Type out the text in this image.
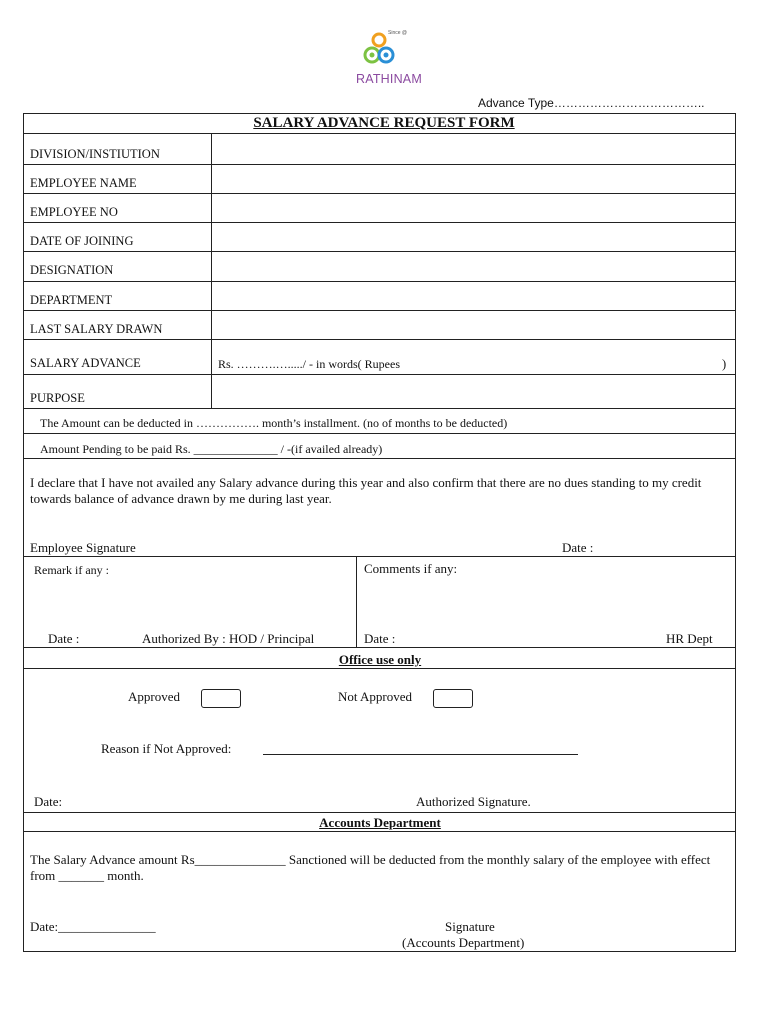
Since @
RATHINAM
Advance Type………………………………..
SALARY ADVANCE REQUEST FORM
DIVISION/INSTIUTION
EMPLOYEE NAME
EMPLOYEE NO
DATE OF JOINING
DESIGNATION
DEPARTMENT
LAST SALARY DRAWN
SALARY ADVANCE	Rs. ……….…...../ - in words( Rupees	)
PURPOSE
The Amount can be deducted in ……………. month’s installment. (no of months to be deducted)
Amount Pending to be paid Rs. ______________ / -(if availed already)
I declare that I have not availed any Salary advance during this year and also confirm that there are no dues standing to my credit towards balance of advance drawn by me during last year.
Employee Signature	Date :
Remark if any :	Comments if any:
Date :	Authorized By : HOD / Principal	Date :	HR Dept
Office use only
Approved	Not Approved
Reason if Not Approved:
Date:	Authorized Signature.
Accounts Department
The Salary Advance amount Rs______________ Sanctioned will be deducted from the monthly salary of the employee with effect from _______ month.
Date:_______________	Signature
(Accounts Department)
